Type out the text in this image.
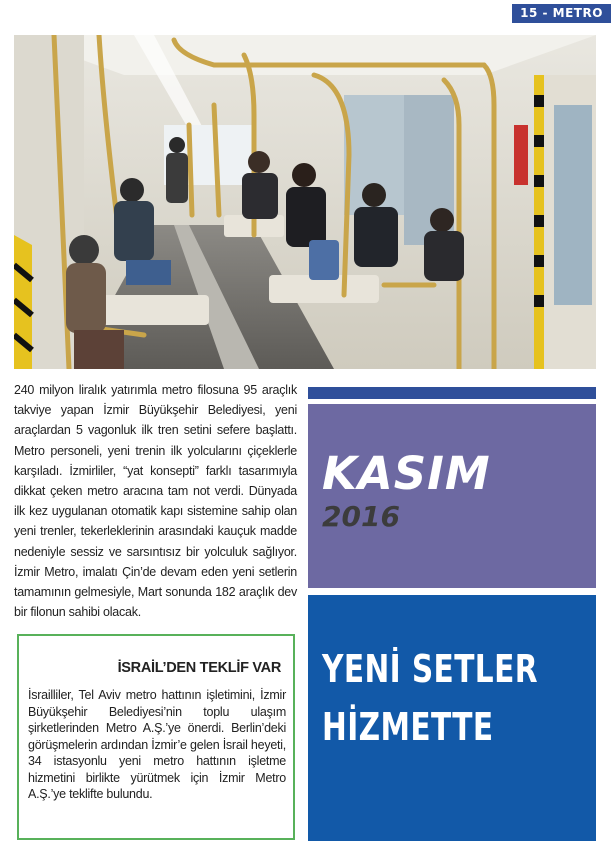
15 - METRO

240 milyon liralık yatırımla metro filosuna 95 araçlık takviye yapan İzmir Büyükşehir Belediyesi, yeni araçlardan 5 vagonluk ilk tren setini sefere başlattı. Metro personeli, yeni trenin ilk yolcularını çiçeklerle karşıladı. İzmirliler, “yat konsepti” farklı tasarımıyla dikkat çeken metro aracına tam not verdi. Dünyada ilk kez uygulanan otomatik kapı sistemine sahip olan yeni trenler, tekerleklerinin arasındaki kauçuk madde nedeniyle sessiz ve sarsıntısız bir yolculuk sağlıyor. İzmir Metro, imalatı Çin’de devam eden yeni setlerin tamamının gelmesiyle, Mart sonunda 182 araçlık dev bir filonun sahibi olacak.

İSRAİL’DEN TEKLİF VAR

İsrailliler, Tel Aviv metro hattının işletimini, İzmir Büyükşehir Belediyesi’nin toplu ulaşım şirketlerinden Metro A.Ş.’ye önerdi. Berlin’deki görüşmelerin ardından İzmir’e gelen İsrail heyeti, 34 istasyonlu yeni metro hattının işletme hizmetini birlikte yürütmek için İzmir Metro A.Ş.’ye teklifte bulundu.

KASIM
2016
YENİ SETLER
HİZMETTE
